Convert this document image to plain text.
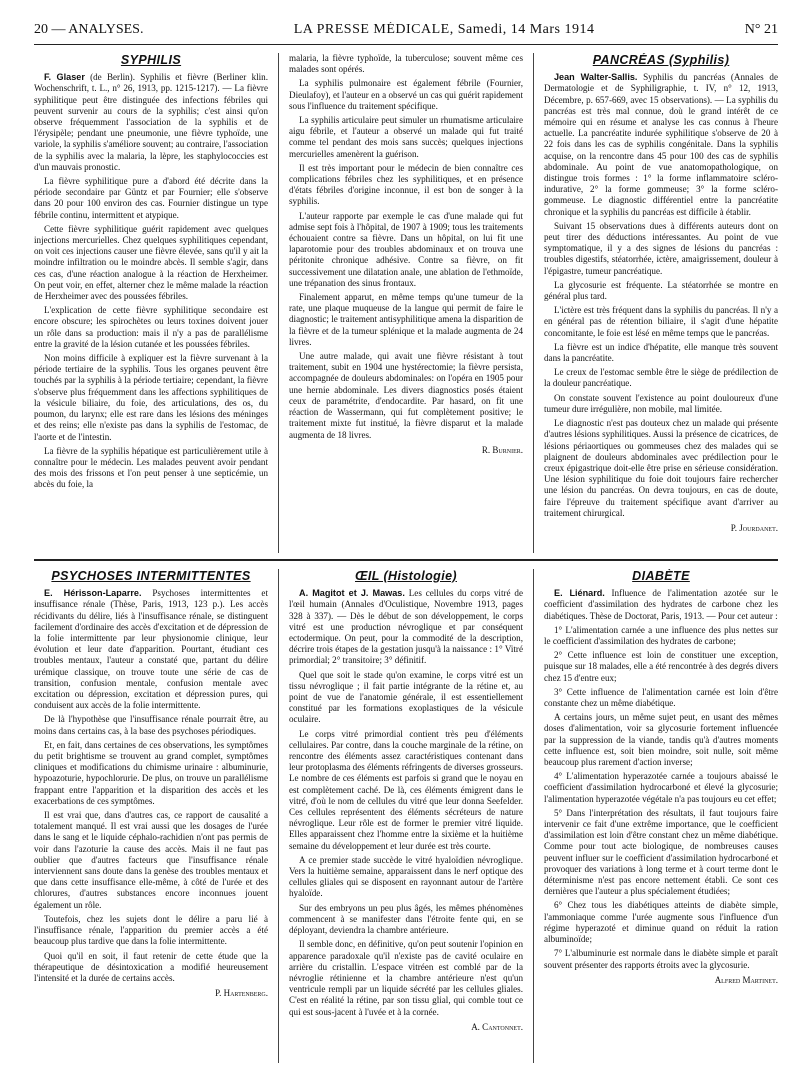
20 — ANALYSES.	LA PRESSE MÉDICALE, Samedi, 14 Mars 1914	N° 21
SYPHILIS

F. Glaser (de Berlin). Syphilis et fièvre (Berliner klin. Wochenschrift, t. L., n° 26, 1913, pp. 1215-1217). — La fièvre syphilitique peut être distinguée des infections fébriles qui peuvent survenir au cours de la syphilis; c'est ainsi qu'on observe fréquemment l'association de la syphilis et de l'érysipèle; pendant une pneumonie, une fièvre typhoïde, une variole, la syphilis s'améliore souvent; au contraire, l'association de la syphilis avec la malaria, la lèpre, les staphylococcies est d'un mauvais pronostic.

La fièvre syphilitique pure a d'abord été décrite dans la période secondaire par Güntz et par Fournier; elle s'observe dans 20 pour 100 environ des cas. Fournier distingue un type fébrile continu, intermittent et atypique.

Cette fièvre syphilitique guérit rapidement avec quelques injections mercurielles. Chez quelques syphilitiques cependant, on voit ces injections causer une fièvre élevée, sans qu'il y ait la moindre infiltration ou le moindre abcès. Il semble s'agir, dans ces cas, d'une réaction analogue à la réaction de Herxheimer. On peut voir, en effet, alterner chez le même malade la réaction de Herxheimer avec des poussées fébriles.

L'explication de cette fièvre syphilitique secondaire est encore obscure; les spirochètes ou leurs toxines doivent jouer un rôle dans sa production: mais il n'y a pas de parallélisme entre la gravité de la lésion cutanée et les poussées fébriles.

Non moins difficile à expliquer est la fièvre survenant à la période tertiaire de la syphilis. Tous les organes peuvent être touchés par la syphilis à la période tertiaire; cependant, la fièvre s'observe plus fréquemment dans les affections syphilitiques de la vésicule biliaire, du foie, des articulations, des os, du poumon, du larynx; elle est rare dans les lésions des méninges et des reins; elle n'existe pas dans la syphilis de l'estomac, de l'aorte et de l'intestin.

La fièvre de la syphilis hépatique est particulièrement utile à connaître pour le médecin. Les malades peuvent avoir pendant des mois des frissons et l'on peut penser à une septicémie, un abcès du foie, la

malaria, la fièvre typhoïde, la tuberculose; souvent même ces malades sont opérés.

La syphilis pulmonaire est également fébrile (Fournier, Dieulafoy), et l'auteur en a observé un cas qui guérit rapidement sous l'influence du traitement spécifique.

La syphilis articulaire peut simuler un rhumatisme articulaire aigu fébrile, et l'auteur a observé un malade qui fut traité comme tel pendant des mois sans succès; quelques injections mercurielles amenèrent la guérison.

Il est très important pour le médecin de bien connaître ces complications fébriles chez les syphilitiques, et en présence d'états fébriles d'origine inconnue, il est bon de songer à la syphilis.

L'auteur rapporte par exemple le cas d'une malade qui fut admise sept fois à l'hôpital, de 1907 à 1909; tous les traitements échouaient contre sa fièvre. Dans un hôpital, on lui fit une laparotomie pour des troubles abdominaux et on trouva une péritonite chronique adhésive. Contre sa fièvre, on fit successivement une dilatation anale, une ablation de l'ethmoïde, une trépanation des sinus frontaux.

Finalement apparut, en même temps qu'une tumeur de la rate, une plaque muqueuse de la langue qui permit de faire le diagnostic; le traitement antisyphilitique amena la disparition de la fièvre et de la tumeur splénique et la malade augmenta de 24 livres.

Une autre malade, qui avait une fièvre résistant à tout traitement, subit en 1904 une hystérectomie; la fièvre persista, accompagnée de douleurs abdominales: on l'opéra en 1905 pour une hernie abdominale. Les divers diagnostics posés étaient ceux de paramétrite, d'endocardite. Par hasard, on fit une réaction de Wassermann, qui fut complètement positive; le traitement mixte fut institué, la fièvre disparut et la malade augmenta de 18 livres.

R. Burnier.
PANCRÉAS (Syphilis)

Jean Walter-Sallis. Syphilis du pancréas (Annales de Dermatologie et de Syphiligraphie, t. IV, n° 12, 1913, Décembre, p. 657-669, avec 15 observations). — La syphilis du pancréas est très mal connue, doù le grand intérêt de ce mémoire qui en résume et analyse les cas connus à l'heure actuelle. La pancréatite indurée syphilitique s'observe de 20 à 22 fois dans les cas de syphilis congénitale. Dans la syphilis acquise, on la rencontre dans 45 pour 100 des cas de syphilis abdominale. Au point de vue anatomopathologique, on distingue trois formes : 1° la forme inflammatoire scléro-indurative, 2° la forme gommeuse; 3° la forme scléro-gommeuse. Le diagnostic différentiel entre la pancréatite chronique et la syphilis du pancréas est difficile à établir.

Suivant 15 observations dues à différents auteurs dont on peut tirer des déductions intéressantes. Au point de vue symptomatique, il y a des signes de lésions du pancréas : troubles digestifs, stéatorrhée, ictère, amaigrissement, douleur à l'épigastre, tumeur pancréatique.

La glycosurie est fréquente. La stéatorrhée se montre en général plus tard.

L'ictère est très fréquent dans la syphilis du pancréas. Il n'y a en général pas de rétention biliaire, il s'agit d'une hépatite concomitante, le foie est lésé en même temps que le pancréas.

La fièvre est un indice d'hépatite, elle manque très souvent dans la pancréatite.

Le creux de l'estomac semble être le siège de prédilection de la douleur pancréatique.

On constate souvent l'existence au point douloureux d'une tumeur dure irrégulière, non mobile, mal limitée.

Le diagnostic n'est pas douteux chez un malade qui présente d'autres lésions syphilitiques. Aussi la présence de cicatrices, de lésions périaortiques ou gommeuses chez des malades qui se plaignent de douleurs abdominales avec prédilection pour le creux épigastrique doit-elle être prise en sérieuse considération. Une lésion syphilitique du foie doit toujours faire rechercher une lésion du pancréas. On devra toujours, en cas de doute, faire l'épreuve du traitement spécifique avant d'arriver au traitement chirurgical.

P. Jourdanet.
PSYCHOSES INTERMITTENTES

E. Hérisson-Laparre. Psychoses intermittentes et insuffisance rénale (Thèse, Paris, 1913, 123 p.). Les accès récidivants du délire, liés à l'insuffisance rénale, se distinguent facilement d'ordinaire des accès d'excitation et de dépression de la folie intermittente par leur physionomie clinique, leur évolution et leur date d'apparition. Pourtant, étudiant ces troubles mentaux, l'auteur a constaté que, partant du délire urémique classique, on trouve toute une série de cas de transition, confusion mentale, confusion mentale avec excitation ou dépression, excitation et dépression pures, qui conduisent aux accès de la folie intermittente.

De là l'hypothèse que l'insuffisance rénale pourrait être, au moins dans certains cas, à la base des psychoses périodiques.

Et, en fait, dans certaines de ces observations, les symptômes du petit brightisme se trouvent au grand complet, symptômes cliniques et modifications du chimisme urinaire : albuminurie, hypoazoturie, hypochlorurie. De plus, on trouve un parallélisme frappant entre l'apparition et la disparition des accès et les exacerbations de ces symptômes.

Il est vrai que, dans d'autres cas, ce rapport de causalité a totalement manqué. Il est vrai aussi que les dosages de l'urée dans le sang et le liquide céphalo-rachidien n'ont pas permis de voir dans l'azoturie la cause des accès. Mais il ne faut pas oublier que d'autres facteurs que l'insuffisance rénale interviennent sans doute dans la genèse des troubles mentaux et que dans cette insuffisance elle-même, à côté de l'urée et des chlorures, d'autres substances encore inconnues jouent également un rôle.

Toutefois, chez les sujets dont le délire a paru lié à l'insuffisance rénale, l'apparition du premier accès a été beaucoup plus tardive que dans la folie intermittente.

Quoi qu'il en soit, il faut retenir de cette étude que la thérapeutique de désintoxication a modifié heureusement l'intensité et la durée de certains accès.

P. Hartenberg.
ŒIL (Histologie)

A. Magitot et J. Mawas. Les cellules du corps vitré de l'œil humain (Annales d'Oculistique, Novembre 1913, pages 328 à 337). — Dès le début de son développement, le corps vitré est une production névroglique et par conséquent ectodermique. On peut, pour la commodité de la description, décrire trois étapes de la gestation jusqu'à la naissance : 1° Vitré primordial; 2° transitoire; 3° définitif.

Quel que soit le stade qu'on examine, le corps vitré est un tissu névroglique ; il fait partie intégrante de la rétine et, au point de vue de l'anatomie générale, il est essentiellement constitué par les formations exoplastiques de la vésicule oculaire.

Le corps vitré primordial contient très peu d'éléments cellulaires. Par contre, dans la couche marginale de la rétine, on rencontre des éléments assez caractéristiques contenant dans leur protoplasma des éléments réfringents de diverses grosseurs. Le nombre de ces éléments est parfois si grand que le noyau en est complètement caché. De là, ces éléments émigrent dans le vitré, d'où le nom de cellules du vitré que leur donna Seefelder. Ces cellules représentent des éléments sécréteurs de nature névroglique. Leur rôle est de former le premier vitré liquide. Elles apparaissent chez l'homme entre la sixième et la huitième semaine du développement et leur durée est très courte.

A ce premier stade succède le vitré hyaloïdien névroglique. Vers la huitième semaine, apparaissent dans le nerf optique des cellules gliales qui se disposent en rayonnant autour de l'artère hyaloïde.

Sur des embryons un peu plus âgés, les mêmes phénomènes commencent à se manifester dans l'étroite fente qui, en se déployant, deviendra la chambre antérieure.

Il semble donc, en définitive, qu'on peut soutenir l'opinion en apparence paradoxale qu'il n'existe pas de cavité oculaire en arrière du cristallin. L'espace vitréen est comblé par de la névroglie rétinienne et la chambre antérieure n'est qu'un ventricule rempli par un liquide sécrété par les cellules gliales. C'est en réalité la rétine, par son tissu glial, qui comble tout ce qui est sous-jacent à l'uvée et à la cornée.

A. Cantonnet.
DIABÈTE

E. Liénard. Influence de l'alimentation azotée sur le coefficient d'assimilation des hydrates de carbone chez les diabétiques. Thèse de Doctorat, Paris, 1913. — Pour cet auteur :

1° L'alimentation carnée a une influence des plus nettes sur le coefficient d'assimilation des hydrates de carbone;

2° Cette influence est loin de constituer une exception, puisque sur 18 malades, elle a été rencontrée à des degrés divers chez 15 d'entre eux;

3° Cette influence de l'alimentation carnée est loin d'être constante chez un même diabétique.

A certains jours, un même sujet peut, en usant des mêmes doses d'alimentation, voir sa glycosurie fortement influencée par la suppression de la viande, tandis qu'à d'autres moments cette influence est, soit bien moindre, soit nulle, soit même beaucoup plus rarement d'action inverse;

4° L'alimentation hyperazotée carnée a toujours abaissé le coefficient d'assimilation hydrocarboné et élevé la glycosurie; l'alimentation hyperazotée végétale n'a pas toujours eu cet effet;

5° Dans l'interprétation des résultats, il faut toujours faire intervenir ce fait d'une extrême importance, que le coefficient d'assimilation est loin d'être constant chez un même diabétique. Comme pour tout acte biologique, de nombreuses causes peuvent influer sur le coefficient d'assimilation hydrocarboné et provoquer des variations à long terme et à court terme dont le déterminisme n'est pas encore nettement établi. Ce sont ces dernières que l'auteur a plus spécialement étudiées;

6° Chez tous les diabétiques atteints de diabète simple, l'ammoniaque comme l'urée augmente sous l'influence d'un régime hyperazoté et diminue quand on réduit la ration albuminoïde;

7° L'albuminurie est normale dans le diabète simple et paraît souvent présenter des rapports étroits avec la glycosurie.

Alfred Martinet.
